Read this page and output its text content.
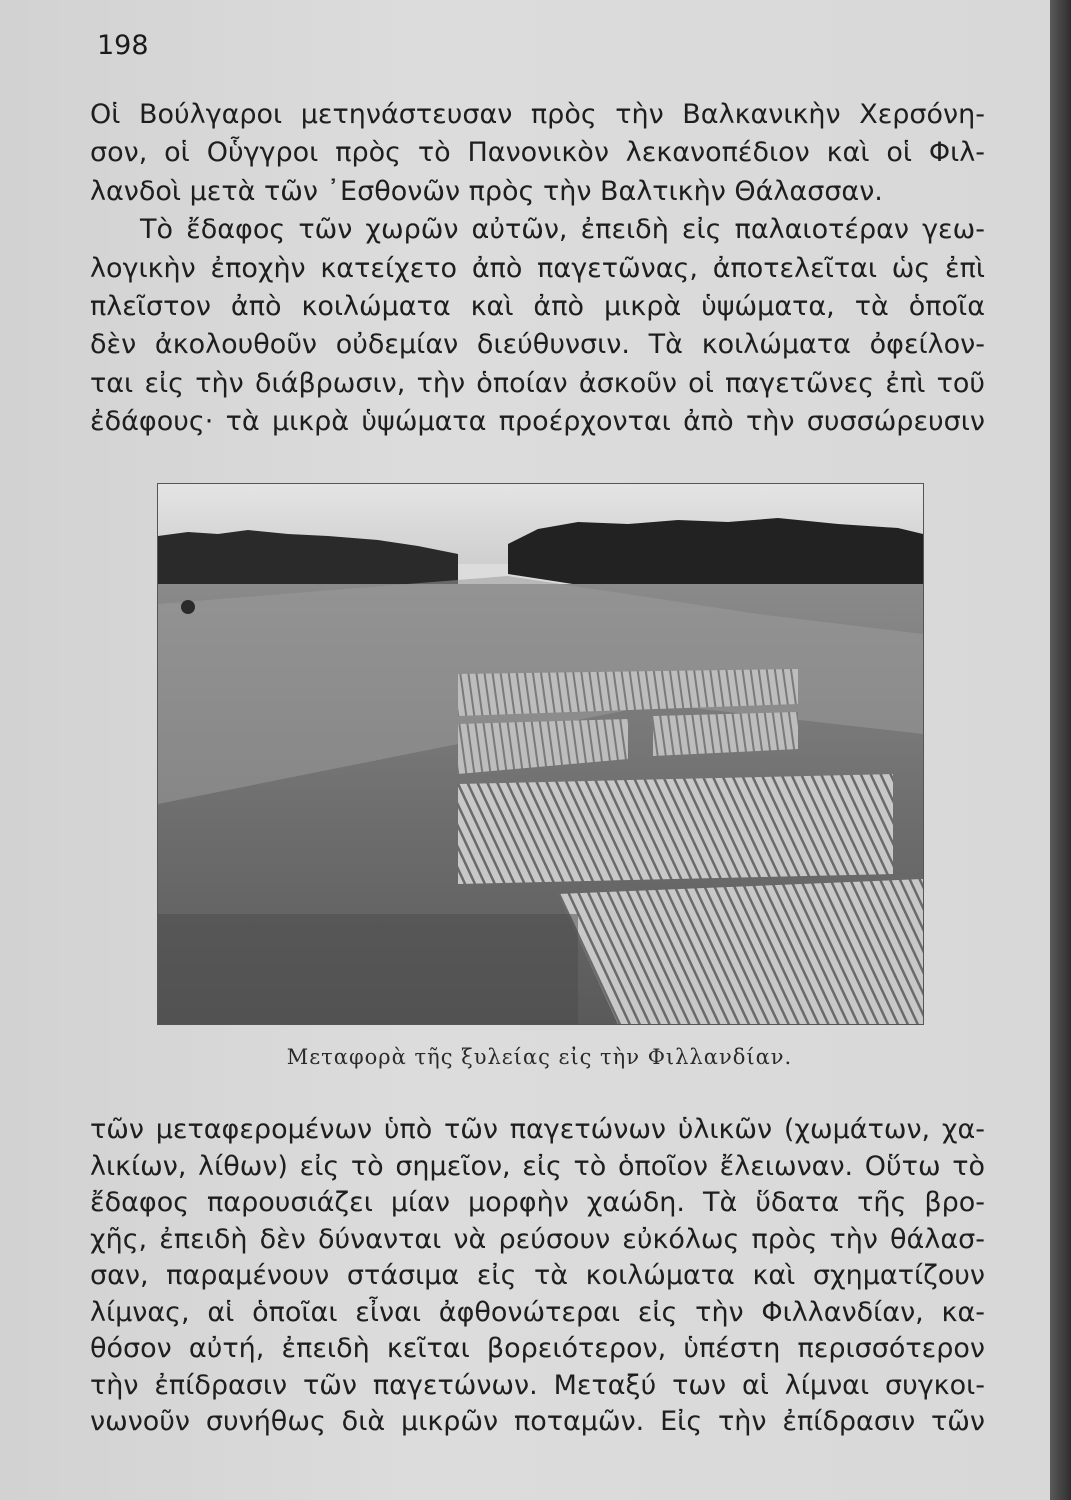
198
Οἱ Βούλγαροι μετηνάστευσαν πρὸς τὴν Βαλκανικὴν Χερσόνη-
σον, οἱ Οὗγγροι πρὸς τὸ Πανονικὸν λεκανοπέδιον καὶ οἱ Φιλ-
λανδοὶ μετὰ τῶν ᾿Εσθονῶν πρὸς τὴν Βαλτικὴν Θάλασσαν.
Τὸ ἔδαφος τῶν χωρῶν αὐτῶν, ἐπειδὴ εἰς παλαιοτέραν γεω-
λογικὴν ἐποχὴν κατείχετο ἀπὸ παγετῶνας, ἀποτελεῖται ὡς ἐπὶ
πλεῖστον ἀπὸ κοιλώματα καὶ ἀπὸ μικρὰ ὑψώματα, τὰ ὁποῖα
δὲν ἀκολουθοῦν οὐδεμίαν διεύθυνσιν. Τὰ κοιλώματα ὀφείλον-
ται εἰς τὴν διάβρωσιν, τὴν ὁποίαν ἀσκοῦν οἱ παγετῶνες ἐπὶ τοῦ
ἐδάφους· τὰ μικρὰ ὑψώματα προέρχονται ἀπὸ τὴν συσσώρευσιν
Μεταφορὰ τῆς ξυλείας εἰς τὴν Φιλλανδίαν.
τῶν μεταφερομένων ὑπὸ τῶν παγετώνων ὑλικῶν (χωμάτων, χα-
λικίων, λίθων) εἰς τὸ σημεῖον, εἰς τὸ ὁποῖον ἔλειωναν. Οὕτω τὸ
ἔδαφος παρουσιάζει μίαν μορφὴν χαώδη. Τὰ ὕδατα τῆς βρο-
χῆς, ἐπειδὴ δὲν δύνανται νὰ ρεύσουν εὐκόλως πρὸς τὴν θάλασ-
σαν, παραμένουν στάσιμα εἰς τὰ κοιλώματα καὶ σχηματίζουν
λίμνας, αἱ ὁποῖαι εἶναι ἀφθονώτεραι εἰς τὴν Φιλλανδίαν, κα-
θόσον αὐτή, ἐπειδὴ κεῖται βορειότερον, ὑπέστη περισσότερον
τὴν ἐπίδρασιν τῶν παγετώνων. Μεταξύ των αἱ λίμναι συγκοι-
νωνοῦν συνήθως διὰ μικρῶν ποταμῶν. Εἰς τὴν ἐπίδρασιν τῶν
